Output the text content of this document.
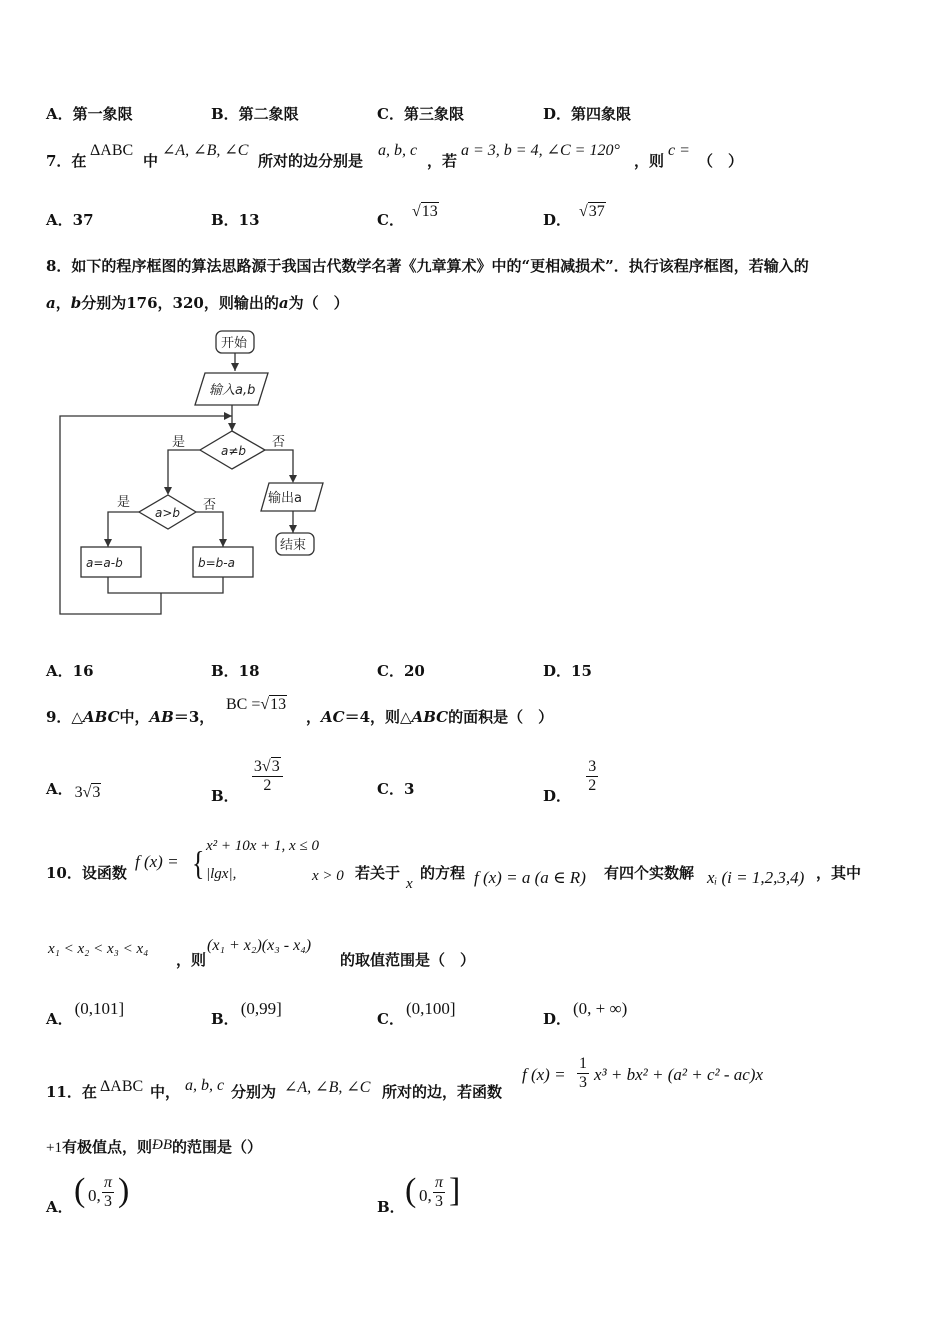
A．第一象限	B．第二象限	C．第三象限	D．第四象限
7．在
ΔABC
中
∠A, ∠B, ∠C
所对的边分别是
a, b, c
，若
a = 3, b = 4, ∠C = 120°
，则
c =
（　）
A．37	B．13	C． √13	D． √37
8．如下的程序框图的算法思路源于我国古代数学名著《九章算术》中的“更相减损术”．执行该程序框图，若输入的
a，b分别为176，320，则输出的a为（　）
开始
输入a,b
a≠b
是	否
输出a
结束
a>b
是	否
a=a-b	b=b-a
A．16	B．18	C．20	D．15
9．△ABC中，AB＝3，
BC =√13
，AC＝4，则△ABC的面积是（　）
A． 3√3	B．
$\frac{3√3}{2}$	C．3	D．
$\frac{3}{2}$
10．设函数
f (x) = { x² + 10x + 1, x ≤ 0
|lgx|,	x > 0 若关于
x
的方程 f (x) = a (a ∈ R) 有四个实数解 xᵢ (i = 1,2,3,4) ，其中
x₁ < x₂ < x₃ < x₄
，则
(x₁ + x₂)(x₃ - x₄)
的取值范围是（　）
A．(0,101]
B．(0,99]
C．(0,100]
D．(0, + ∞)
11．在 ΔABC 中， a, b, c 分别为 ∠A, ∠B, ∠C 所对的边，若函数
f $(x) = \frac{1}{3} x^3 + bx^2 + (a^2 + c^2 - ac)x$
+1有极值点，则ÐB的范围是（）
A． ( 0, $\frac{\pi}{3}$ )	B． ( 0, $\frac{\pi}{3}$ ]
